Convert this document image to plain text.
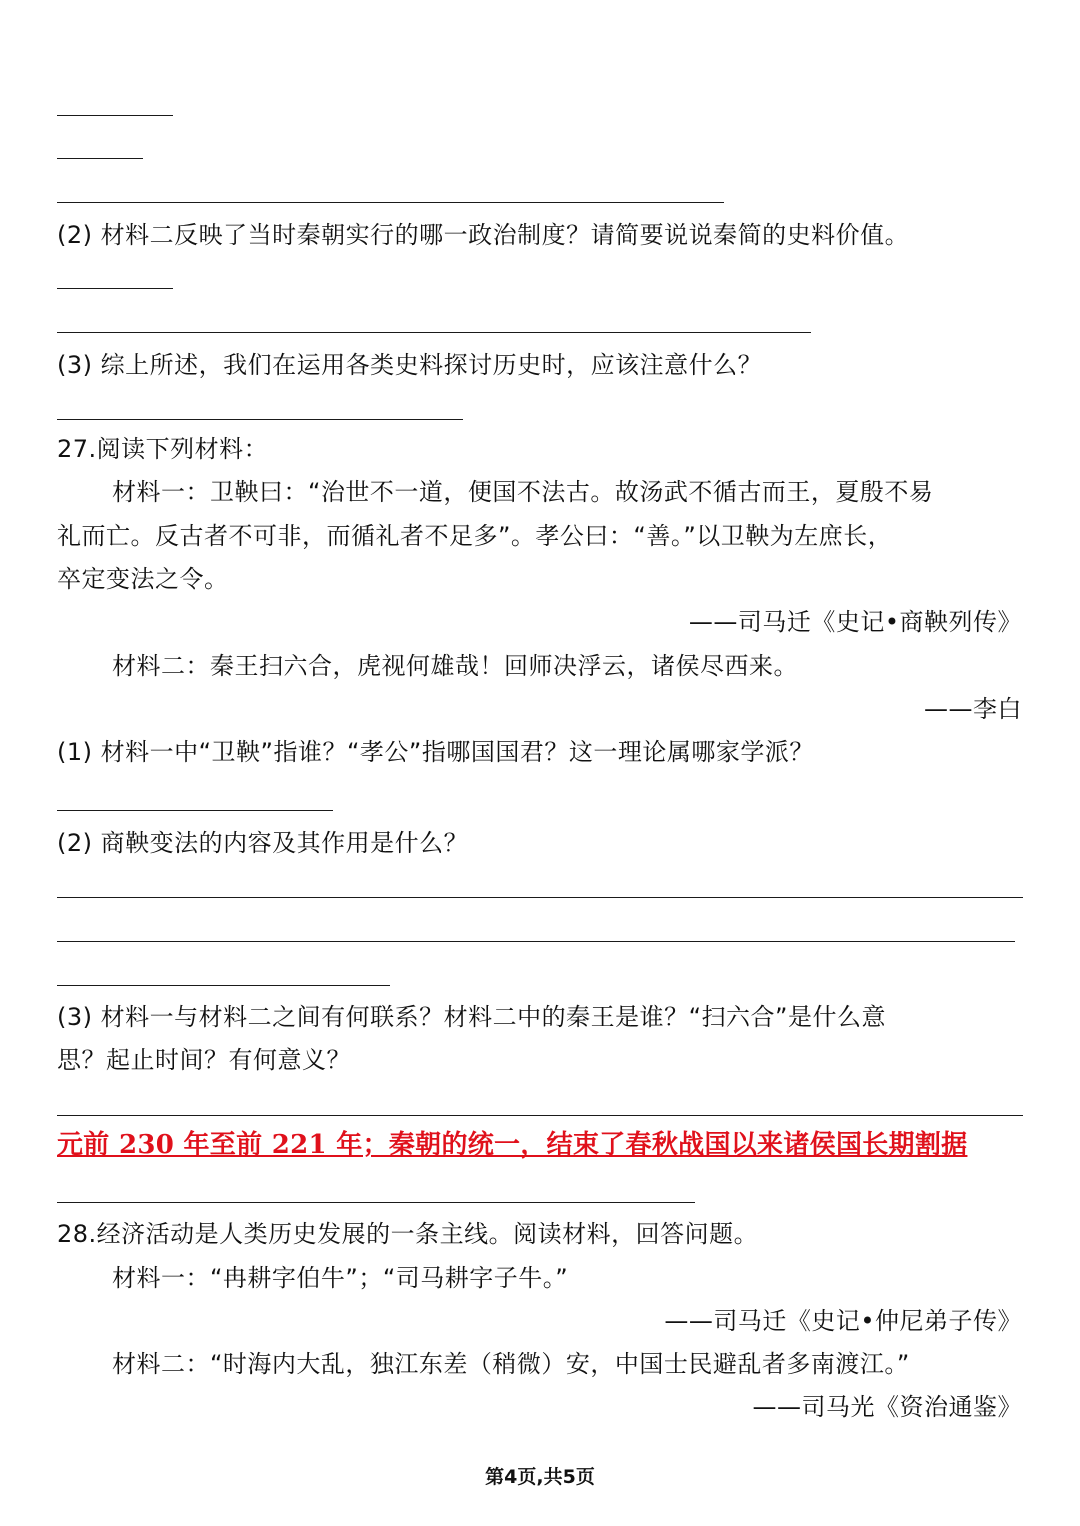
(2) 材料二反映了当时秦朝实行的哪一政治制度？请简要说说秦简的史料价值。
(3) 综上所述，我们在运用各类史料探讨历史时，应该注意什么？
27.阅读下列材料：
材料一：卫鞅曰：“治世不一道，便国不法古。故汤武不循古而王，夏殷不易
礼而亡。反古者不可非，而循礼者不足多”。孝公曰：“善。”以卫鞅为左庶长，
卒定变法之令。
——司马迁《史记•商鞅列传》
材料二：秦王扫六合，虎视何雄哉！回师决浮云，诸侯尽西来。
——李白
(1) 材料一中“卫鞅”指谁？“孝公”指哪国国君？这一理论属哪家学派？
(2) 商鞅变法的内容及其作用是什么？
(3) 材料一与材料二之间有何联系？材料二中的秦王是谁？“扫六合”是什么意
思？起止时间？有何意义？
元前 230 年至前 221 年；秦朝的统一，结束了春秋战国以来诸侯国长期割据
28.经济活动是人类历史发展的一条主线。阅读材料，回答问题。
材料一：“冉耕字伯牛”；“司马耕字子牛。”
——司马迁《史记•仲尼弟子传》
材料二：“时海内大乱，独江东差（稍微）安，中国士民避乱者多南渡江。”
——司马光《资治通鉴》
第4页,共5页
